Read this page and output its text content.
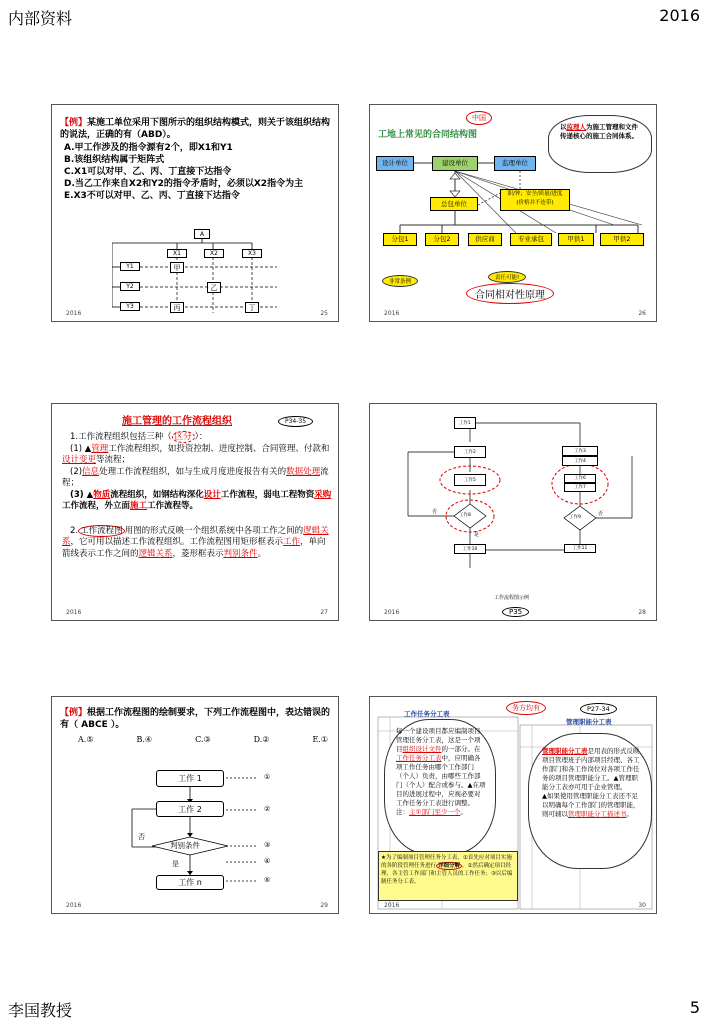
内部资料	2016
李国教授	5
【例】某施工单位采用下图所示的组织结构模式，则关于该组织结构的说法，正确的有（ABD）。
A.甲工作涉及的指令源有2个，即X1和Y1
B.该组织结构属于矩阵式
C.X1可以对甲、乙、丙、丁直接下达指令
D.当乙工作来自X2和Y2的指令矛盾时，必须以X2指令为主
E.X3不可以对甲、乙、丙、丁直接下达指令
A
X1	X2	X3
Y1
Y2
Y3
甲
乙
丙	丁
2016	25
中国
工地上常见的合同结构图
以监理人为施工管理和文件传递核心的施工合同体系。
设计单位	建设单位	监理单位
总包单位
职/钟；安全/质量/进度
(价格并不连带)
分包1	分包2	供应商	专业承包	甲供1	甲供2
非常条例
责任可能!
合同相对性原理
2016	26
施工管理的工作流程组织	P34-35
1.工作流程组织包括三种（ 区分 ）：
(1) ▲管理工作流程组织，如投资控制、进度控制、合同管理、付款和设计变更等流程；
(2)信息处理工作流程组织，如与生成月度进度报告有关的数据处理流程；
(3) ▲物质流程组织，如钢结构深化设计工作流程，弱电工程物资采购工作流程，外立面施工工作流程等。
2. 工作流程图 用图的形式反映一个组织系统中各项工作之间的逻辑关系，它可用以描述工作流程组织。工作流程图用矩形框表示工作，单向箭线表示工作之间的逻辑关系，菱形框表示判别条件。
2016	27
工作1
工作2	工作3
工作4
工作5	工作6
工作7
工作8	工作9
工作10	工作11
否
是
否
工作流程图示例
P35
2016	28
【例】根据工作流程图的绘制要求，下列工作流程图中，表达错误的有（ ABCE ）。
A.⑤	B.④	C.③	D.②	E.①
工作 1
工作 2
判别条件
工作 n
①
②
③
④
⑤
否
是
2016	29
务方均有	P27-34
工作任务分工表
管理职能分工表
每一个建设项目都应编制项目管理任务分工表，这是一个项目组织设计文件的一部分。在工作任务分工表中，应明确各项工作任务由哪个工作部门（个人）负责，由哪些工作部门（个人）配合或参与。▲在项目的进展过程中，应视必要对工作任务分工表进行调整。注：主①部门至少一个。
管理职能分工表是用表的形式反映项目管理班子内部项目经理、各工作部门和各工作岗位对各项工作任务的项目管理职能分工。▲管理职能分工表亦可用于企业管理。
▲如果使用管理职能分工表还不足以明确每个工作部门的管理职能，则可辅以管理职能分工描述书。
★为了编制项目管理任务分工表，①首先应对项目实施的各阶段管理任务进行 详细分解 ，②然后确定项目经理、各主管工作部门和主管人员的工作任务；③以后编制任务分工表。
2016	30
